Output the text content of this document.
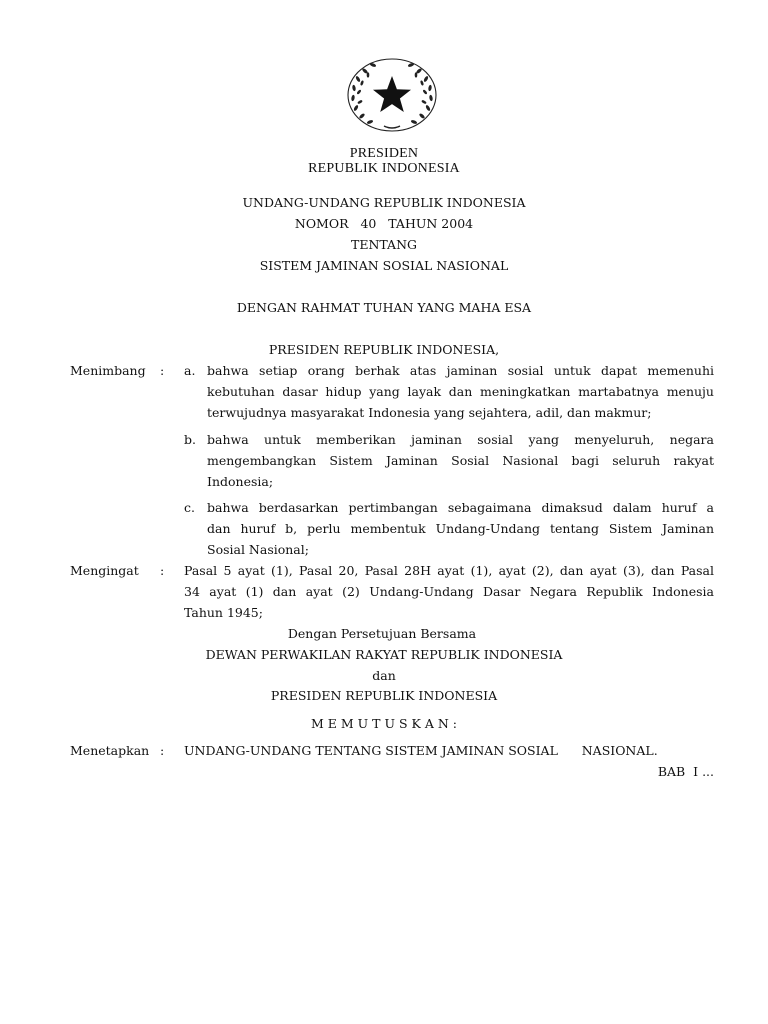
PRESIDEN
REPUBLIK INDONESIA
UNDANG-UNDANG REPUBLIK INDONESIA
NOMOR   40   TAHUN 2004
TENTANG
SISTEM JAMINAN SOSIAL NASIONAL
DENGAN RAHMAT TUHAN YANG MAHA ESA
PRESIDEN REPUBLIK INDONESIA,
Menimbang : a. bahwa setiap orang berhak atas jaminan sosial untuk dapat memenuhi
kebutuhan dasar hidup yang layak dan meningkatkan martabatnya menuju
terwujudnya masyarakat Indonesia yang sejahtera, adil, dan makmur;
b. bahwa untuk memberikan jaminan sosial yang menyeluruh, negara
mengembangkan Sistem Jaminan Sosial Nasional bagi seluruh rakyat
Indonesia;
c. bahwa berdasarkan pertimbangan sebagaimana dimaksud dalam huruf a
dan huruf b, perlu membentuk Undang-Undang tentang Sistem Jaminan
Sosial Nasional;
Mengingat : Pasal 5 ayat (1), Pasal 20, Pasal 28H ayat (1), ayat (2), dan ayat (3), dan Pasal
34 ayat (1) dan ayat (2) Undang-Undang Dasar Negara Republik Indonesia
Tahun 1945;
Dengan Persetujuan Bersama
DEWAN PERWAKILAN RAKYAT REPUBLIK INDONESIA
dan
PRESIDEN REPUBLIK INDONESIA
M E M U T U S K A N :
Menetapkan : UNDANG-UNDANG TENTANG SISTEM JAMINAN SOSIAL      NASIONAL.
BAB  I ...
